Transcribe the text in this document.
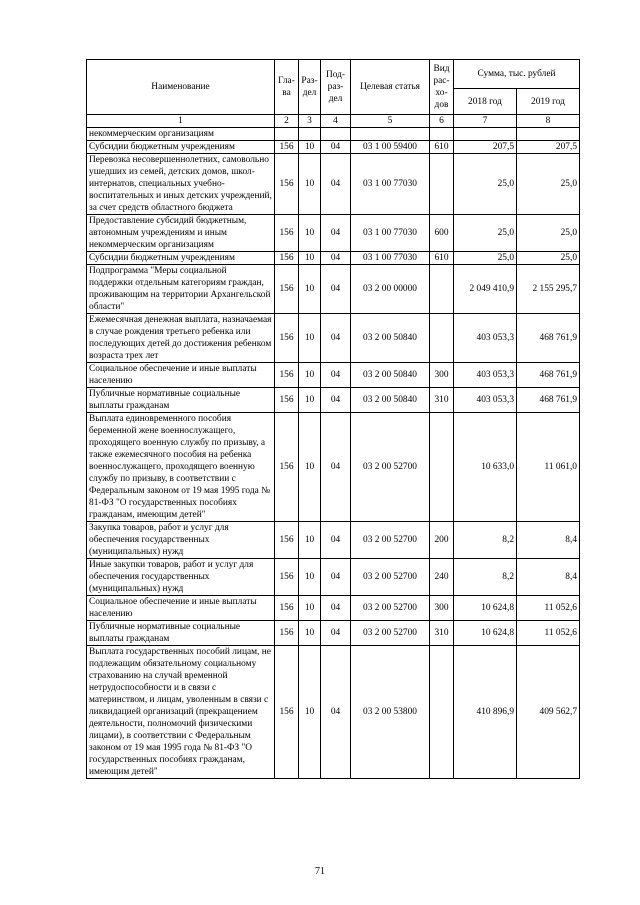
Наименование	Гла-ва	Раз-дел	Под-раз-дел	Целевая статья	Вид рас-хо-дов	Сумма, тыс. рублей	
						2018 год	2019 год
1	2	3	4	5	6	7	8
некоммерческим организациям							
Субсидии бюджетным учреждениям	156	10	04	03 1 00 59400	610	207,5	207,5
Перевозка несовершеннолетних, самовольно ушедших из семей, детских домов, школ-интернатов, специальных учебно-воспитательных и иных детских учреждений, за счет средств областного бюджета	156	10	04	03 1 00 77030		25,0	25,0
Предоставление субсидий бюджетным, автономным учреждениям и иным некоммерческим организациям	156	10	04	03 1 00 77030	600	25,0	25,0
Субсидии бюджетным учреждениям	156	10	04	03 1 00 77030	610	25,0	25,0
Подпрограмма "Меры социальной поддержки отдельным категориям граждан, проживающим на территории Архангельской области"	156	10	04	03 2 00 00000		2 049 410,9	2 155 295,7
Ежемесячная денежная выплата, назначаемая в случае рождения третьего ребенка или последующих детей до достижения ребенком возраста трех лет	156	10	04	03 2 00 50840		403 053,3	468 761,9
Социальное обеспечение и иные выплаты населению	156	10	04	03 2 00 50840	300	403 053,3	468 761,9
Публичные нормативные социальные выплаты гражданам	156	10	04	03 2 00 50840	310	403 053,3	468 761,9
Выплата единовременного пособия беременной жене военнослужащего, проходящего военную службу по призыву, а также ежемесячного пособия на ребенка военнослужащего, проходящего военную службу по призыву, в соответствии с Федеральным законом от 19 мая 1995 года № 81-ФЗ "О государственных пособиях гражданам, имеющим детей"	156	10	04	03 2 00 52700		10 633,0	11 061,0
Закупка товаров, работ и услуг для обеспечения государственных (муниципальных) нужд	156	10	04	03 2 00 52700	200	8,2	8,4
Иные закупки товаров, работ и услуг для обеспечения государственных (муниципальных) нужд	156	10	04	03 2 00 52700	240	8,2	8,4
Социальное обеспечение и иные выплаты населению	156	10	04	03 2 00 52700	300	10 624,8	11 052,6
Публичные нормативные социальные выплаты гражданам	156	10	04	03 2 00 52700	310	10 624,8	11 052,6
Выплата государственных пособий лицам, не подлежащим обязательному социальному страхованию на случай временной нетрудоспособности и в связи с материнством, и лицам, уволенным в связи с ликвидацией организаций (прекращением деятельности, полномочий физическими лицами), в соответствии с Федеральным законом от 19 мая 1995 года № 81-ФЗ "О государственных пособиях гражданам, имеющим детей"	156	10	04	03 2 00 53800		410 896,9	409 562,7
71
